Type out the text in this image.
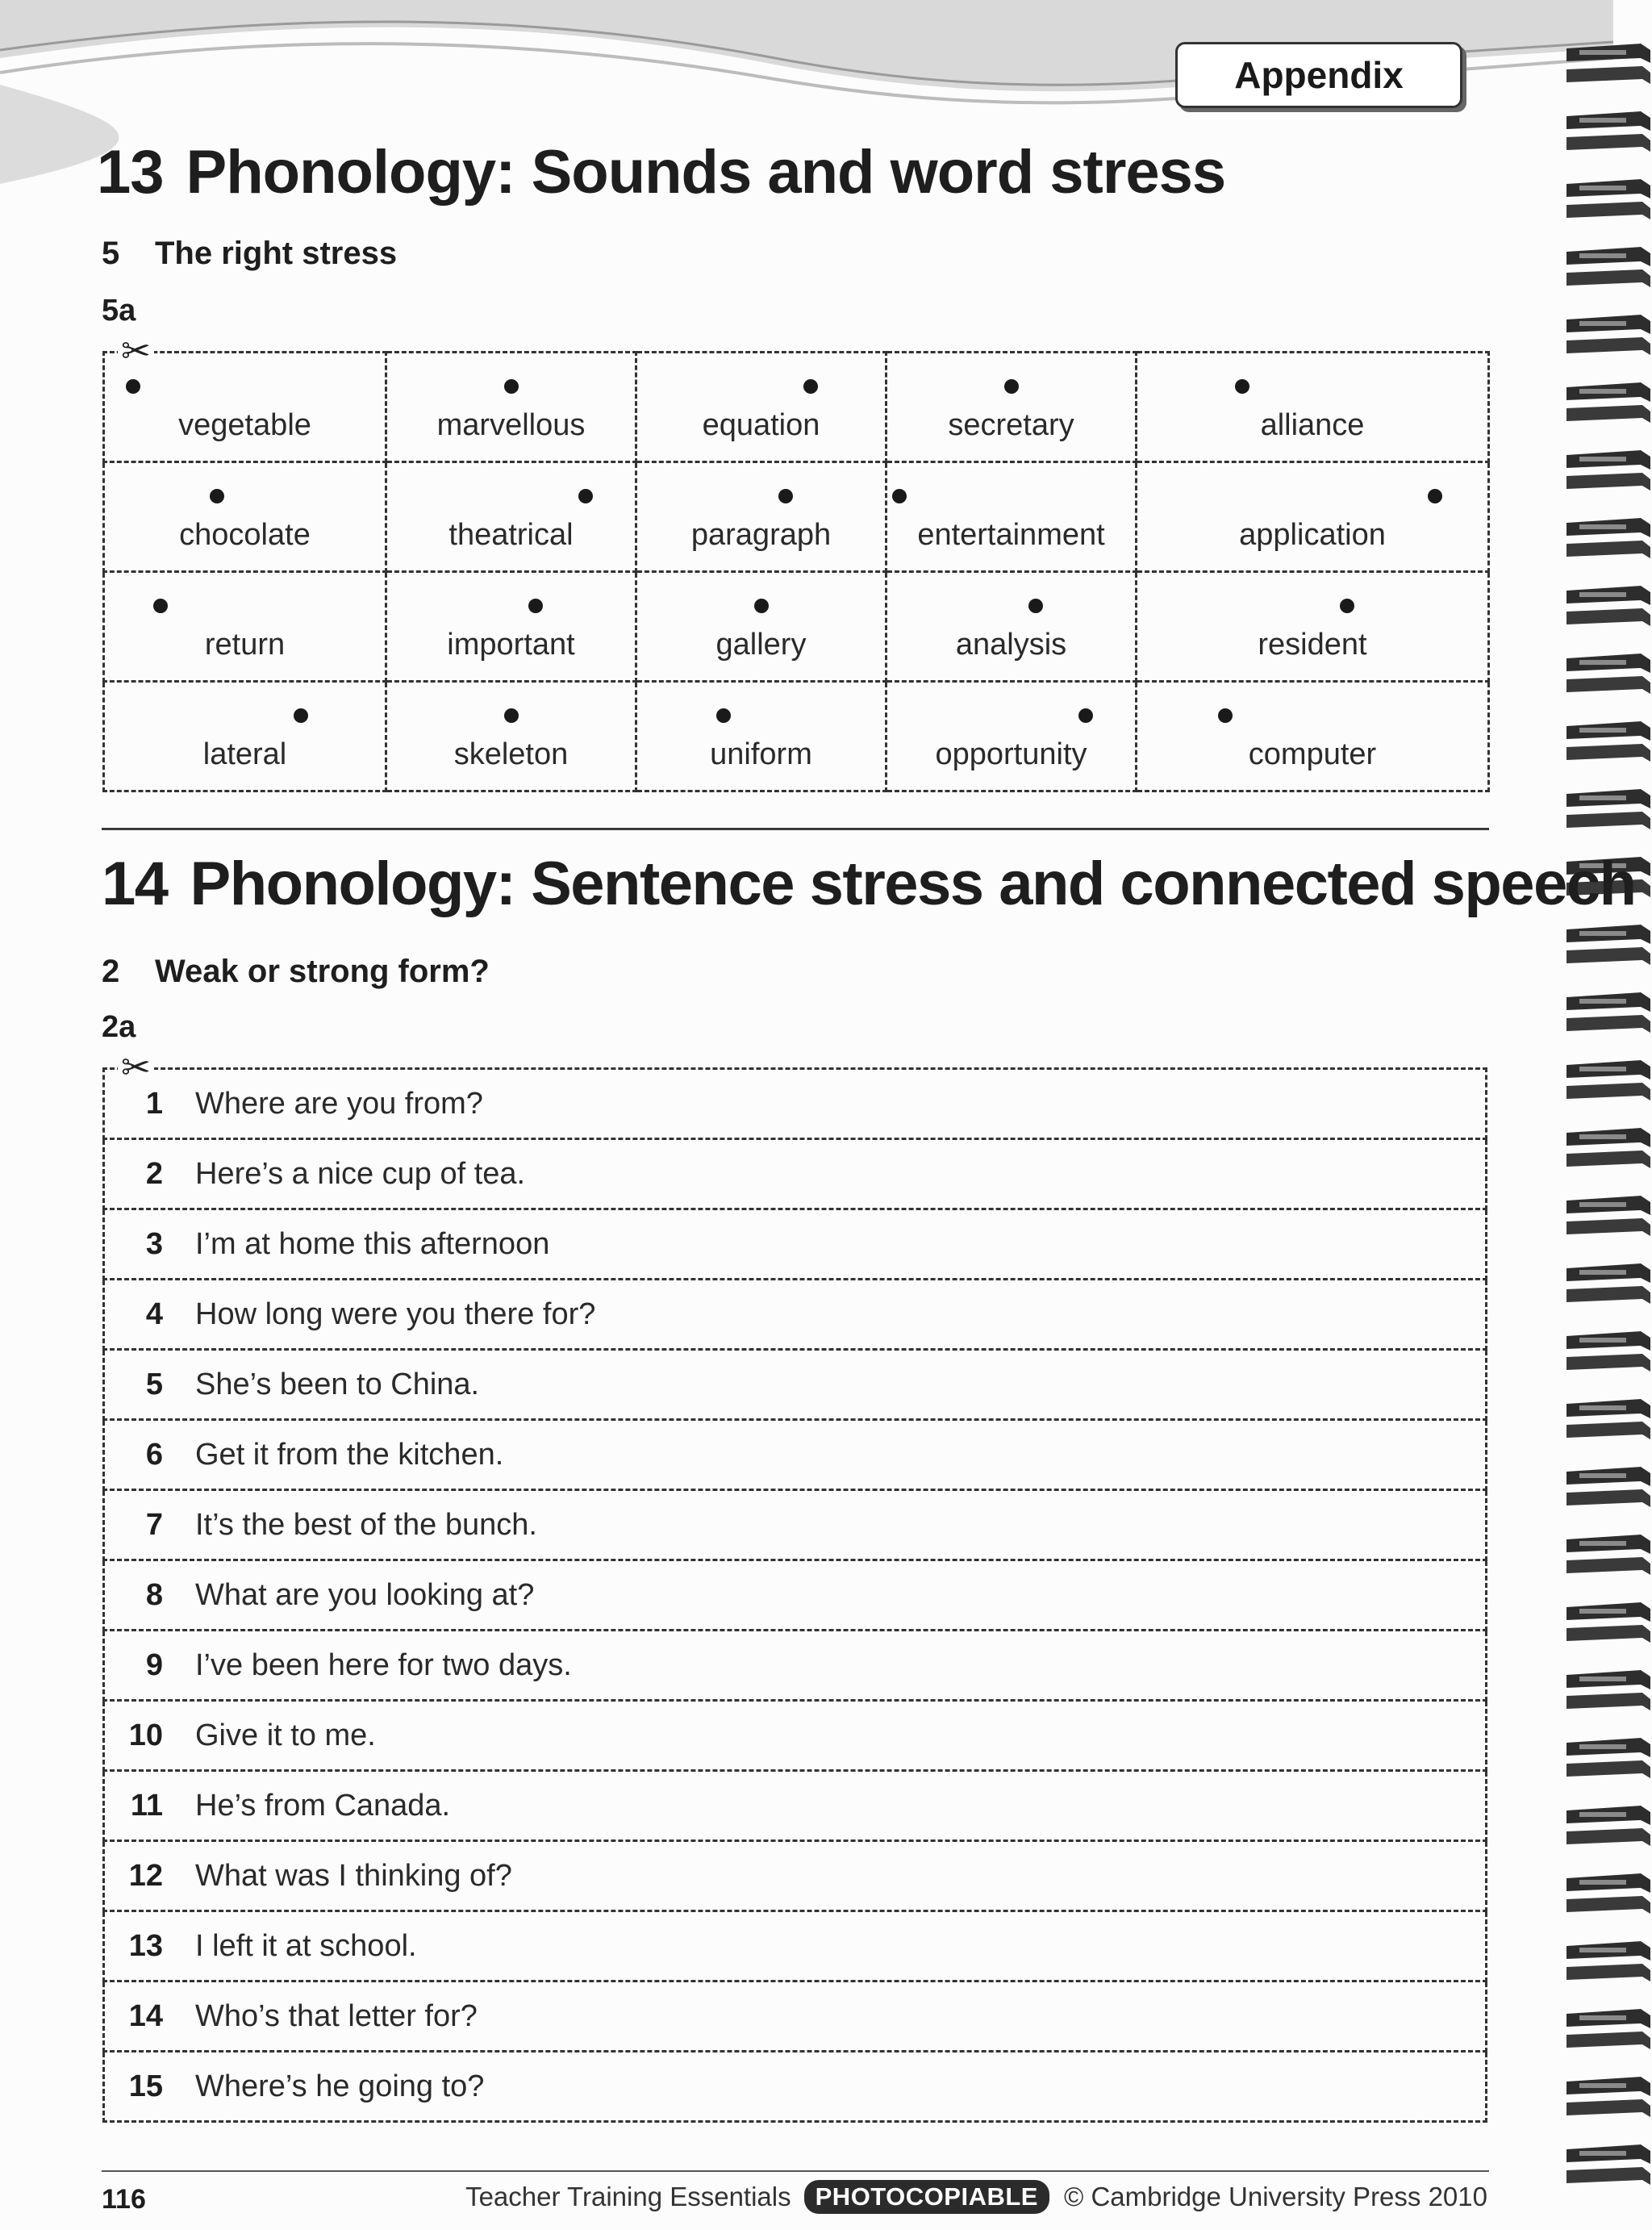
Appendix
13 Phonology: Sounds and word stress
5 The right stress
5a
vegetable	marvellous	equation	secretary	alliance

chocolate	theatrical	paragraph	entertainment	application

return	important	gallery	analysis	resident

lateral	skeleton	uniform	opportunity	computer
✂
14 Phonology: Sentence stress and connected speech
2 Weak or strong form?
2a
1 Where are you from?
2 Here’s a nice cup of tea.
3 I’m at home this afternoon
4 How long were you there for?
5 She’s been to China.
6 Get it from the kitchen.
7 It’s the best of the bunch.
8 What are you looking at?
9 I’ve been here for two days.
10 Give it to me.
11 He’s from Canada.
12 What was I thinking of?
13 I left it at school.
14 Who’s that letter for?
15 Where’s he going to?
✂
116	Teacher Training Essentials PHOTOCOPIABLE © Cambridge University Press 2010
